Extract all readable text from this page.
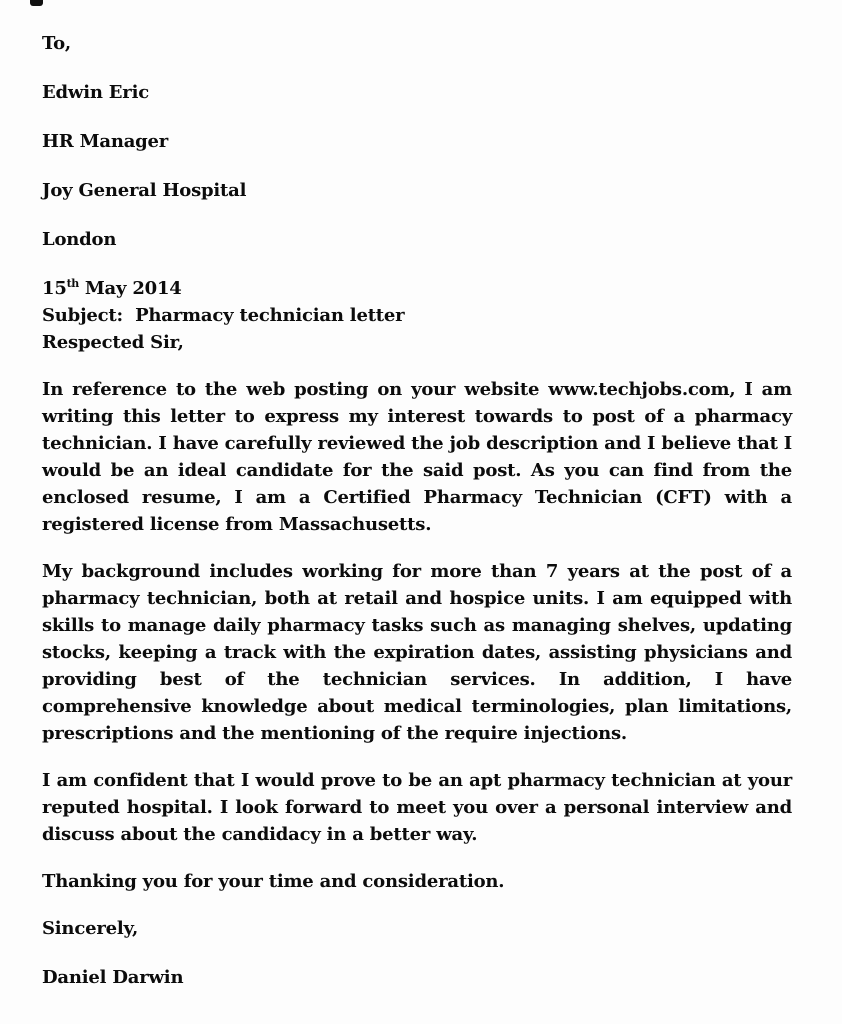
To,

Edwin Eric

HR Manager

Joy General Hospital

London

15th May 2014

Subject:  Pharmacy technician letter

Respected Sir,

In reference to the web posting on your website www.techjobs.com, I am writing this letter to express my interest towards to post of a pharmacy technician. I have carefully reviewed the job description and I believe that I would be an ideal candidate for the said post. As you can find from the enclosed resume, I am a Certified Pharmacy Technician (CFT) with a registered license from Massachusetts.

My background includes working for more than 7 years at the post of a pharmacy technician, both at retail and hospice units. I am equipped with skills to manage daily pharmacy tasks such as managing shelves, updating stocks, keeping a track with the expiration dates, assisting physicians and providing best of the technician services. In addition, I have comprehensive knowledge about medical terminologies, plan limitations, prescriptions and the mentioning of the require injections.

I am confident that I would prove to be an apt pharmacy technician at your reputed hospital. I look forward to meet you over a personal interview and discuss about the candidacy in a better way.

Thanking you for your time and consideration.

Sincerely,

Daniel Darwin
